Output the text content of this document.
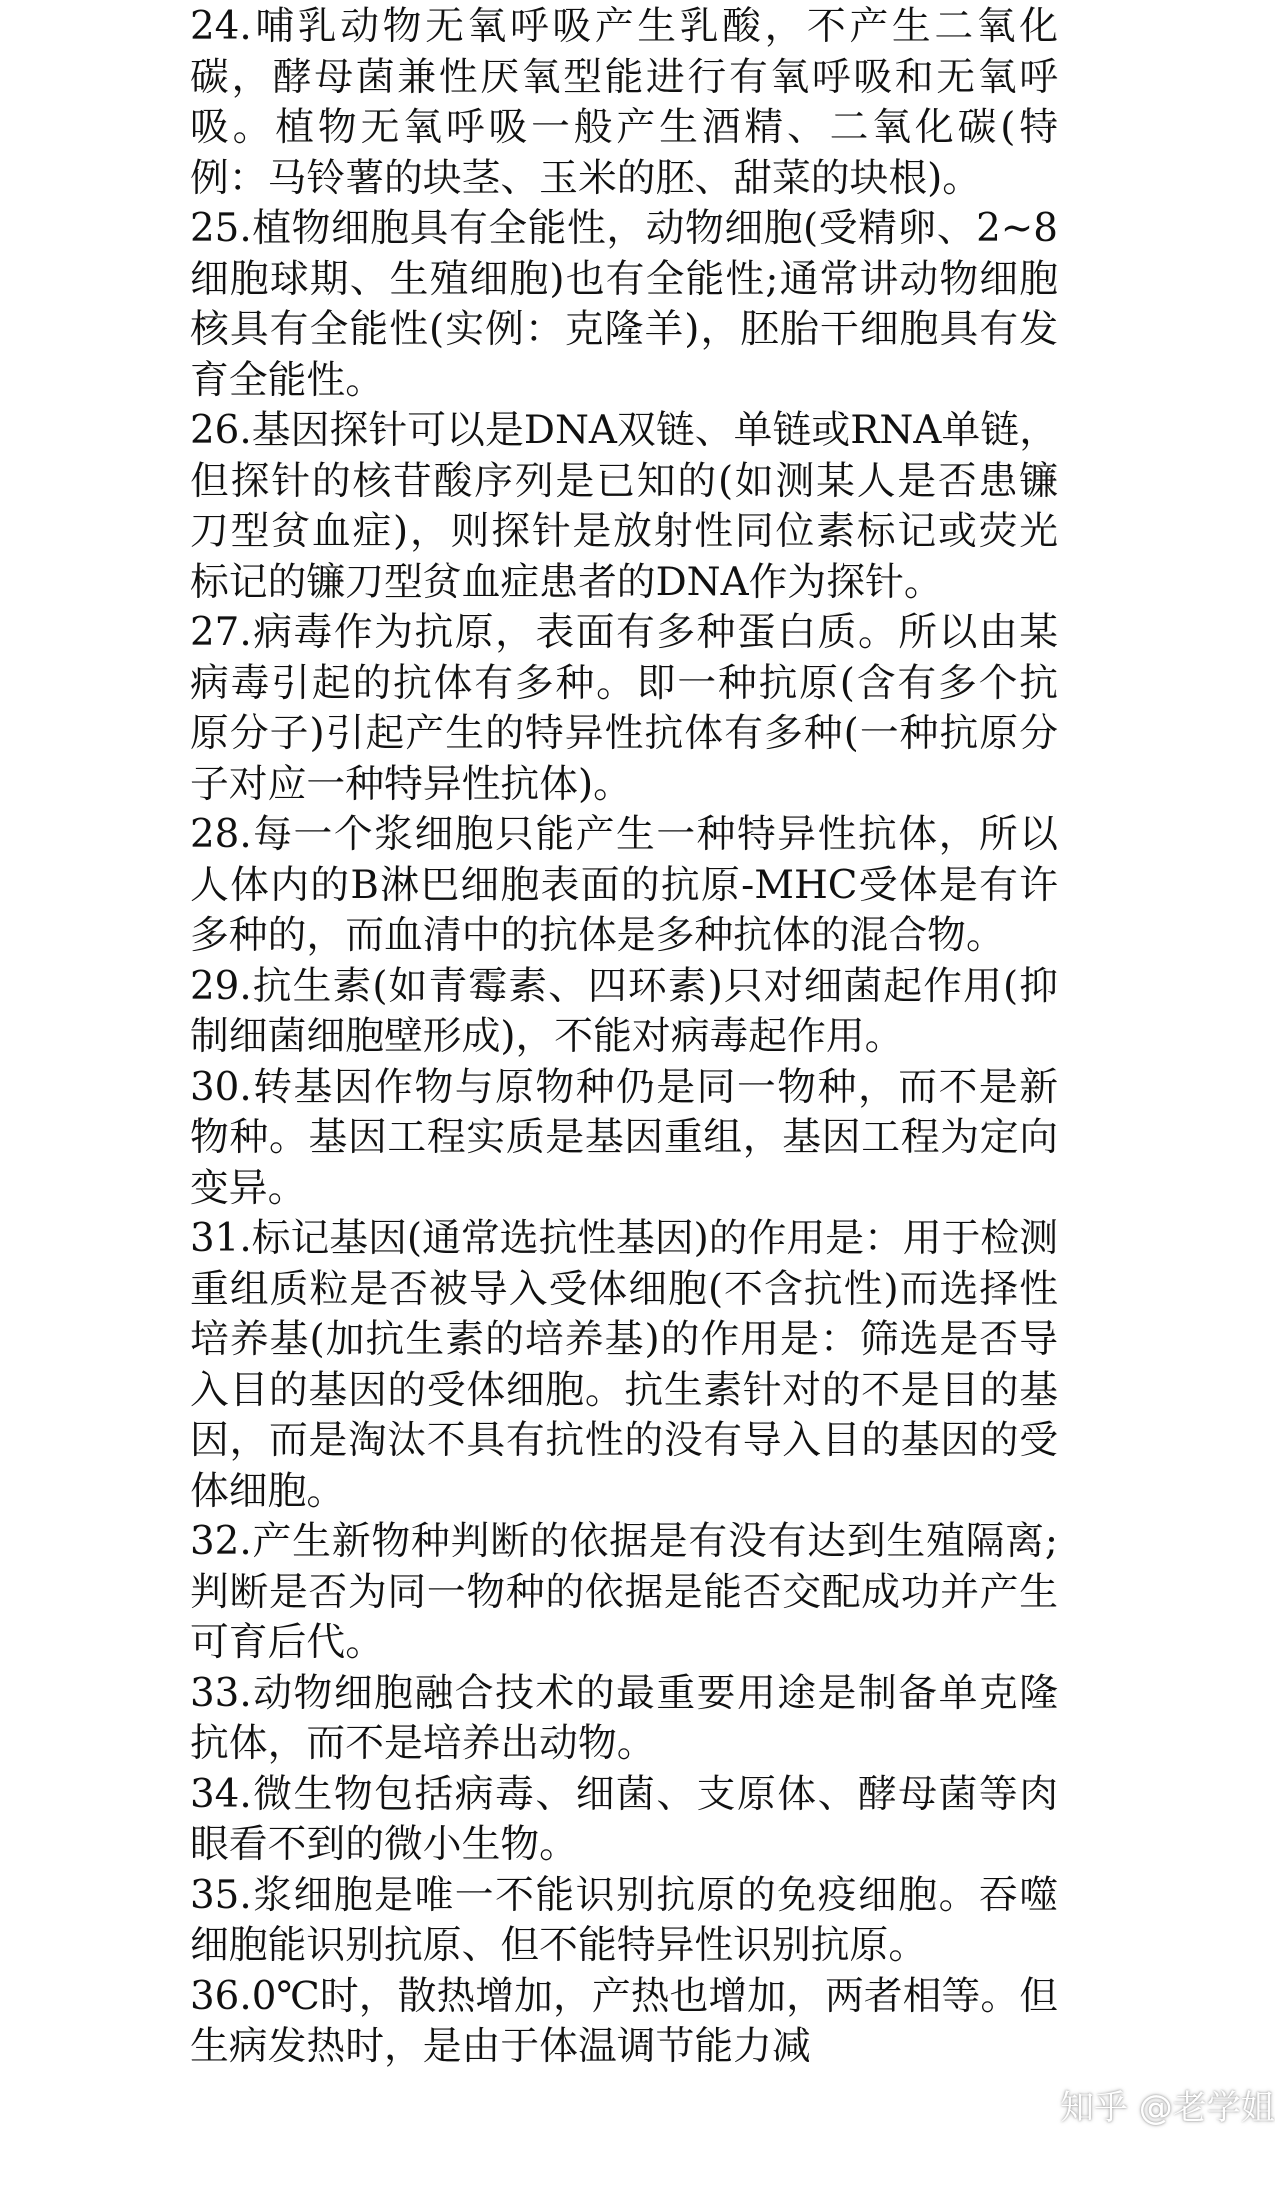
24.哺乳动物无氧呼吸产生乳酸，不产生二氧化碳，酵母菌兼性厌氧型能进行有氧呼吸和无氧呼吸。植物无氧呼吸一般产生酒精、二氧化碳(特例：马铃薯的块茎、玉米的胚、甜菜的块根)。

25.植物细胞具有全能性，动物细胞(受精卵、2~8细胞球期、生殖细胞)也有全能性;通常讲动物细胞核具有全能性(实例：克隆羊)，胚胎干细胞具有发育全能性。

26.基因探针可以是DNA双链、单链或RNA单链，但探针的核苷酸序列是已知的(如测某人是否患镰刀型贫血症)，则探针是放射性同位素标记或荧光标记的镰刀型贫血症患者的DNA作为探针。

27.病毒作为抗原，表面有多种蛋白质。所以由某病毒引起的抗体有多种。即一种抗原(含有多个抗原分子)引起产生的特异性抗体有多种(一种抗原分子对应一种特异性抗体)。

28.每一个浆细胞只能产生一种特异性抗体，所以人体内的B淋巴细胞表面的抗原-MHC受体是有许多种的，而血清中的抗体是多种抗体的混合物。

29.抗生素(如青霉素、四环素)只对细菌起作用(抑制细菌细胞壁形成)，不能对病毒起作用。

30.转基因作物与原物种仍是同一物种，而不是新物种。基因工程实质是基因重组，基因工程为定向变异。

31.标记基因(通常选抗性基因)的作用是：用于检测重组质粒是否被导入受体细胞(不含抗性)而选择性培养基(加抗生素的培养基)的作用是：筛选是否导入目的基因的受体细胞。抗生素针对的不是目的基因，而是淘汰不具有抗性的没有导入目的基因的受体细胞。

32.产生新物种判断的依据是有没有达到生殖隔离;判断是否为同一物种的依据是能否交配成功并产生可育后代。

33.动物细胞融合技术的最重要用途是制备单克隆抗体，而不是培养出动物。

34.微生物包括病毒、细菌、支原体、酵母菌等肉眼看不到的微小生物。

35.浆细胞是唯一不能识别抗原的免疫细胞。吞噬细胞能识别抗原、但不能特异性识别抗原。

36.0℃时，散热增加，产热也增加，两者相等。但生病发热时，是由于体温调节能力减

知乎 @老学姐
